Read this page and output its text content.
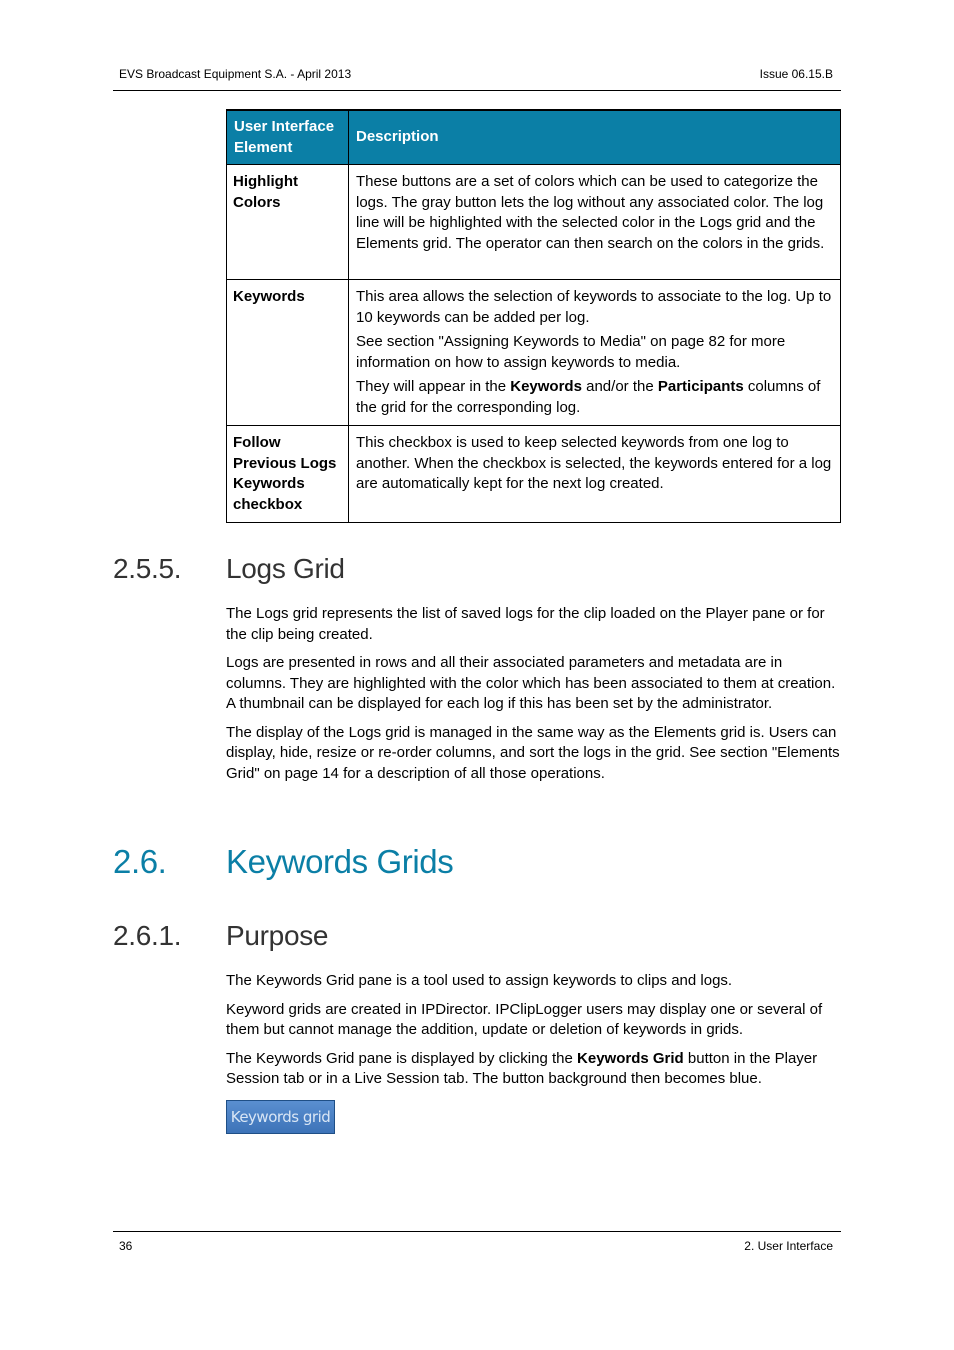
EVS Broadcast Equipment S.A. - April 2013	Issue 06.15.B
User Interface Element	Description
Highlight Colors	These buttons are a set of colors which can be used to categorize the logs. The gray button lets the log without any associated color. The log line will be highlighted with the selected color in the Logs grid and the Elements grid. The operator can then search on the colors in the grids.

Keywords	This area allows the selection of keywords to associate to the log. Up to 10 keywords can be added per log.

See section "Assigning Keywords to Media" on page 82 for more information on how to assign keywords to media.

They will appear in the Keywords and/or the Participants columns of the grid for the corresponding log.

Follow Previous Logs Keywords checkbox	This checkbox is used to keep selected keywords from one log to another. When the checkbox is selected, the keywords entered for a log are automatically kept for the next log created.

2.5.5. Logs Grid

The Logs grid represents the list of saved logs for the clip loaded on the Player pane or for the clip being created.

Logs are presented in rows and all their associated parameters and metadata are in columns. They are highlighted with the color which has been associated to them at creation. A thumbnail can be displayed for each log if this has been set by the administrator.

The display of the Logs grid is managed in the same way as the Elements grid is. Users can display, hide, resize or re-order columns, and sort the logs in the grid. See section "Elements Grid" on page 14 for a description of all those operations.

2.6. Keywords Grids
2.6.1. Purpose

The Keywords Grid pane is a tool used to assign keywords to clips and logs.

Keyword grids are created in IPDirector. IPClipLogger users may display one or several of them but cannot manage the addition, update or deletion of keywords in grids.

The Keywords Grid pane is displayed by clicking the Keywords Grid button in the Player Session tab or in a Live Session tab. The button background then becomes blue.

Keywords grid
36	2. User Interface
